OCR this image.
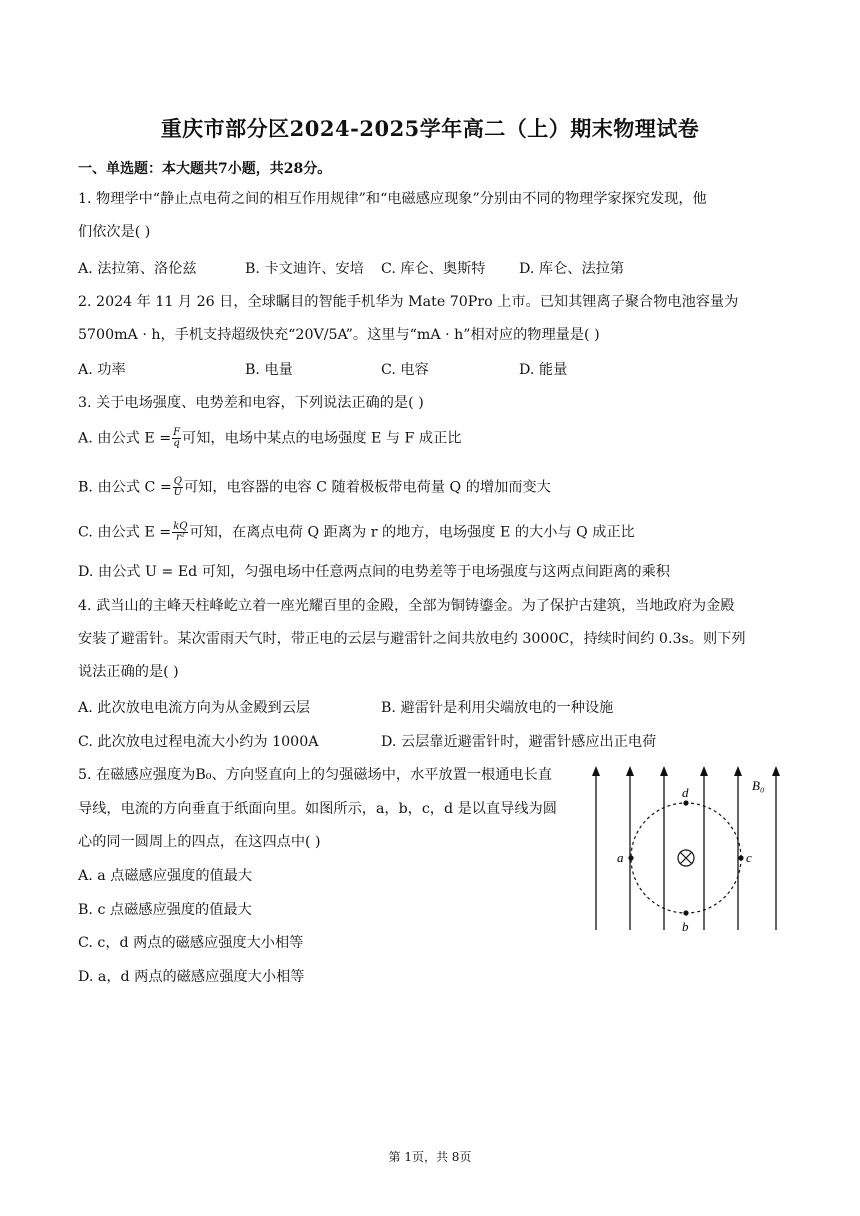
重庆市部分区2024-2025学年高二（上）期末物理试卷
一、单选题：本大题共7小题，共28分。
1. 物理学中“静止点电荷之间的相互作用规律”和“电磁感应现象”分别由不同的物理学家探究发现，他
们依次是( )
A. 法拉第、洛伦兹	B. 卡文迪许、安培 C. 库仑、奥斯特 D. 库仑、法拉第
2. 2024 年 11 月 26 日，全球瞩目的智能手机华为 Mate 70Pro 上市。已知其锂离子聚合物电池容量为
5700mA · h，手机支持超级快充“20V/5A”。这里与“mA · h”相对应的物理量是( )
A. 功率	B. 电量	C. 电容	D. 能量
3. 关于电场强度、电势差和电容，下列说法正确的是( )
A. 由公式 $E = \frac{F}{q}$ 可知，电场中某点的电场强度 E 与 F 成正比
B. 由公式 $C = \frac{Q}{U}$ 可知，电容器的电容 C 随着极板带电荷量 Q 的增加而变大
C. 由公式 $E = \frac{kQ}{\text{r²}}$ 可知，在离点电荷 Q 距离为 r 的地方，电场强度 E 的大小与 Q 成正比
D. 由公式 U = Ed 可知，匀强电场中任意两点间的电势差等于电场强度与这两点间距离的乘积
4. 武当山的主峰天柱峰屹立着一座光耀百里的金殿，全部为铜铸鎏金。为了保护古建筑，当地政府为金殿
安装了避雷针。某次雷雨天气时，带正电的云层与避雷针之间共放电约 3000C，持续时间约 0.3s。则下列
说法正确的是( )
A. 此次放电电流方向为从金殿到云层	B. 避雷针是利用尖端放电的一种设施
C. 此次放电过程电流大小约为 1000A	D. 云层靠近避雷针时，避雷针感应出正电荷
5. 在磁感应强度为B₀、方向竖直向上的匀强磁场中，水平放置一根通电长直
导线，电流的方向垂直于纸面向里。如图所示，a，b，c，d 是以直导线为圆
心的同一圆周上的四点，在这四点中( )
A. a 点磁感应强度的值最大
B. c 点磁感应强度的值最大
C. c，d 两点的磁感应强度大小相等
D. a，d 两点的磁感应强度大小相等
d
b
a	c
B₀
第 1页，共 8页
